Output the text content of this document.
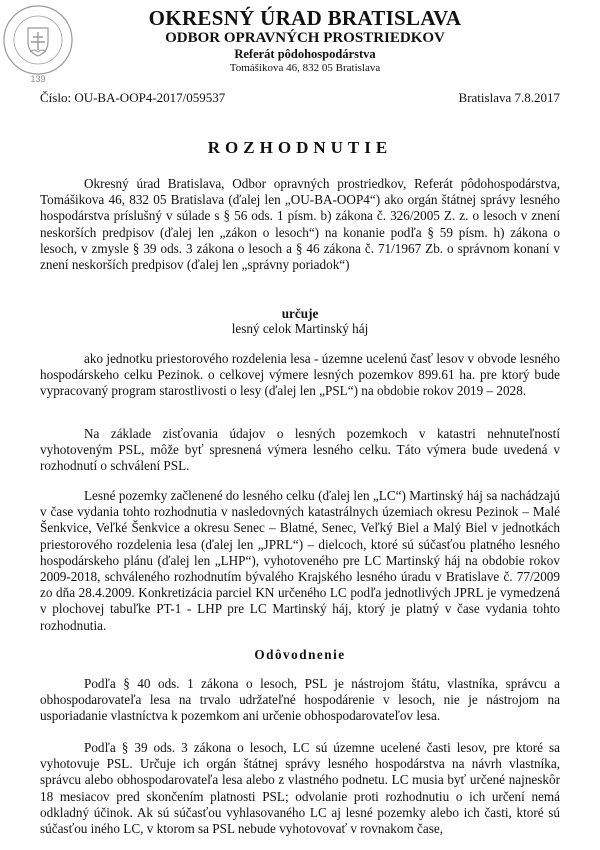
139
OKRESNÝ ÚRAD BRATISLAVA
ODBOR OPRAVNÝCH PROSTRIEDKOV
Referát pôdohospodárstva
Tomášikova 46, 832 05 Bratislava
Číslo: OU-BA-OOP4-2017/059537	Bratislava 7.8.2017
ROZHODNUTIE

Okresný úrad Bratislava, Odbor opravných prostriedkov, Referát pôdohospodárstva, Tomášikova 46, 832 05 Bratislava (ďalej len „OU-BA-OOP4“) ako orgán štátnej správy lesného hospodárstva príslušný v súlade s § 56 ods. 1 písm. b) zákona č. 326/2005 Z. z. o lesoch v znení neskorších predpisov (ďalej len „zákon o lesoch“) na konanie podľa § 59 písm. h) zákona o lesoch, v zmysle § 39 ods. 3 zákona o lesoch a § 46 zákona č. 71/1967 Zb. o správnom konaní v znení neskorších predpisov (ďalej len „správny poriadok“)

určuje

lesný celok Martinský háj

ako jednotku priestorového rozdelenia lesa - územne ucelenú časť lesov v obvode lesného hospodárskeho celku Pezinok. o celkovej výmere lesných pozemkov 899.61 ha. pre ktorý bude vypracovaný program starostlivosti o lesy (ďalej len „PSL“) na obdobie rokov 2019 – 2028.

Na základe zisťovania údajov o lesných pozemkoch v katastri nehnuteľností vyhotoveným PSL, môže byť spresnená výmera lesného celku. Táto výmera bude uvedená v rozhodnutí o schválení PSL.

Lesné pozemky začlenené do lesného celku (ďalej len „LC“) Martinský háj sa nachádzajú v čase vydania tohto rozhodnutia v nasledovných katastrálnych územiach okresu Pezinok – Malé Šenkvice, Veľké Šenkvice a okresu Senec – Blatné, Senec, Veľký Biel a Malý Biel v jednotkách priestorového rozdelenia lesa (ďalej len „JPRL“) – dielcoch, ktoré sú súčasťou platného lesného hospodárskeho plánu (ďalej len „LHP“), vyhotoveného pre LC Martinský háj na obdobie rokov 2009-2018, schváleného rozhodnutím bývalého Krajského lesného úradu v Bratislave č. 77/2009 zo dňa 28.4.2009. Konkretizácia parciel KN určeného LC podľa jednotlivých JPRL je vymedzená v plochovej tabuľke PT-1 - LHP pre LC Martinský háj, ktorý je platný v čase vydania tohto rozhodnutia.

Odôvodnenie

Podľa § 40 ods. 1 zákona o lesoch, PSL je nástrojom štátu, vlastníka, správcu a obhospodarovateľa lesa na trvalo udržateľné hospodárenie v lesoch, nie je nástrojom na usporiadanie vlastníctva k pozemkom ani určenie obhospodarovateľov lesa.

Podľa § 39 ods. 3 zákona o lesoch, LC sú územne ucelené časti lesov, pre ktoré sa vyhotovuje PSL. Určuje ich orgán štátnej správy lesného hospodárstva na návrh vlastníka, správcu alebo obhospodarovateľa lesa alebo z vlastného podnetu. LC musia byť určené najneskôr 18 mesiacov pred skončením platnosti PSL; odvolanie proti rozhodnutiu o ich určení nemá odkladný účinok. Ak sú súčasťou vyhlasovaného LC aj lesné pozemky alebo ich časti, ktoré sú súčasťou iného LC, v ktorom sa PSL nebude vyhotovovať v rovnakom čase,
